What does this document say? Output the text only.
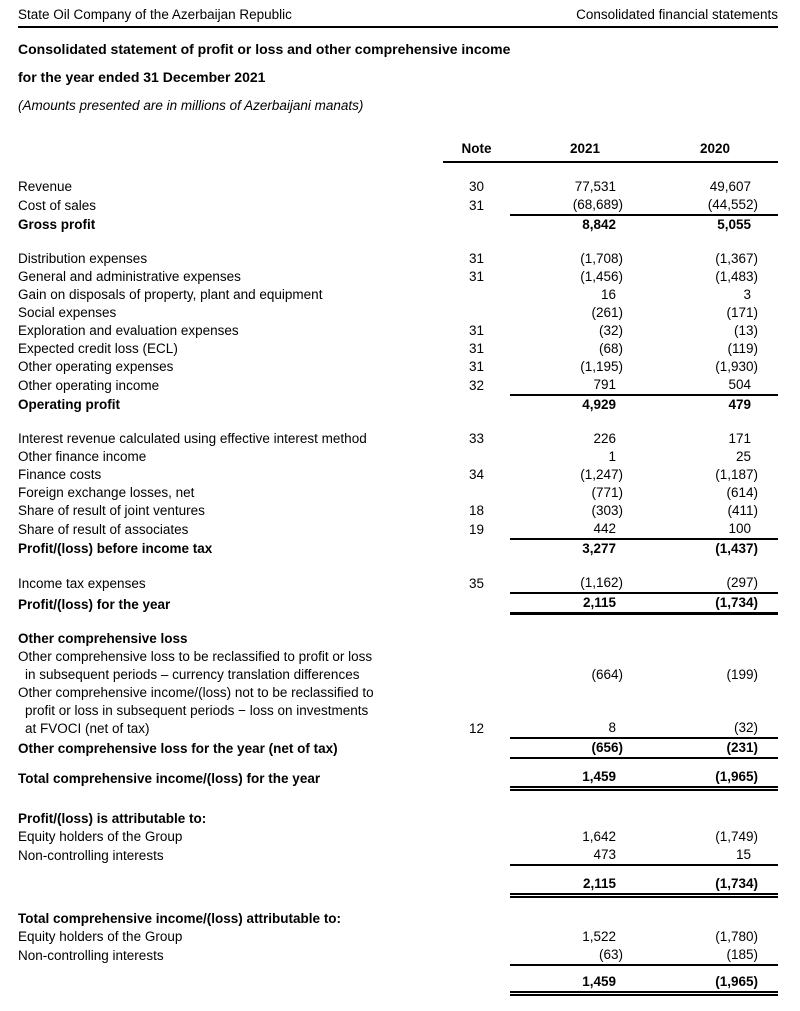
State Oil Company of the Azerbaijan Republic	Consolidated financial statements
Consolidated statement of profit or loss and other comprehensive income
for the year ended 31 December 2021
(Amounts presented are in millions of Azerbaijani manats)
	Note	2021	2020

Revenue	30	77,531	49,607

Cost of sales	31	(68,689)	(44,552)

Gross profit		8,842	5,055

Distribution expenses	31	(1,708)	(1,367)

General and administrative expenses	31	(1,456)	(1,483)

Gain on disposals of property, plant and equipment		16	3

Social expenses		(261)	(171)

Exploration and evaluation expenses	31	(32)	(13)

Expected credit loss (ECL)	31	(68)	(119)

Other operating expenses	31	(1,195)	(1,930)

Other operating income	32	791	504

Operating profit		4,929	479

Interest revenue calculated using effective interest method	33	226	171

Other finance income		1	25

Finance costs	34	(1,247)	(1,187)

Foreign exchange losses, net		(771)	(614)

Share of result of joint ventures	18	(303)	(411)

Share of result of associates	19	442	100

Profit/(loss) before income tax		3,277	(1,437)

Income tax expenses	35	(1,162)	(297)

Profit/(loss) for the year		2,115	(1,734)

Other comprehensive loss			

Other comprehensive loss to be reclassified to profit or loss
in subsequent periods – currency translation differences		(664)	(199)

Other comprehensive income/(loss) not to be reclassified to
profit or loss in subsequent periods − loss on investments
at FVOCI (net of tax)	12	8	(32)

Other comprehensive loss for the year (net of tax)		(656)	(231)

Total comprehensive income/(loss) for the year		1,459	(1,965)

Profit/(loss) is attributable to:			

Equity holders of the Group		1,642	(1,749)

Non-controlling interests		473	15

		2,115	(1,734)

Total comprehensive income/(loss) attributable to:			

Equity holders of the Group		1,522	(1,780)

Non-controlling interests		(63)	(185)

		1,459	(1,965)
